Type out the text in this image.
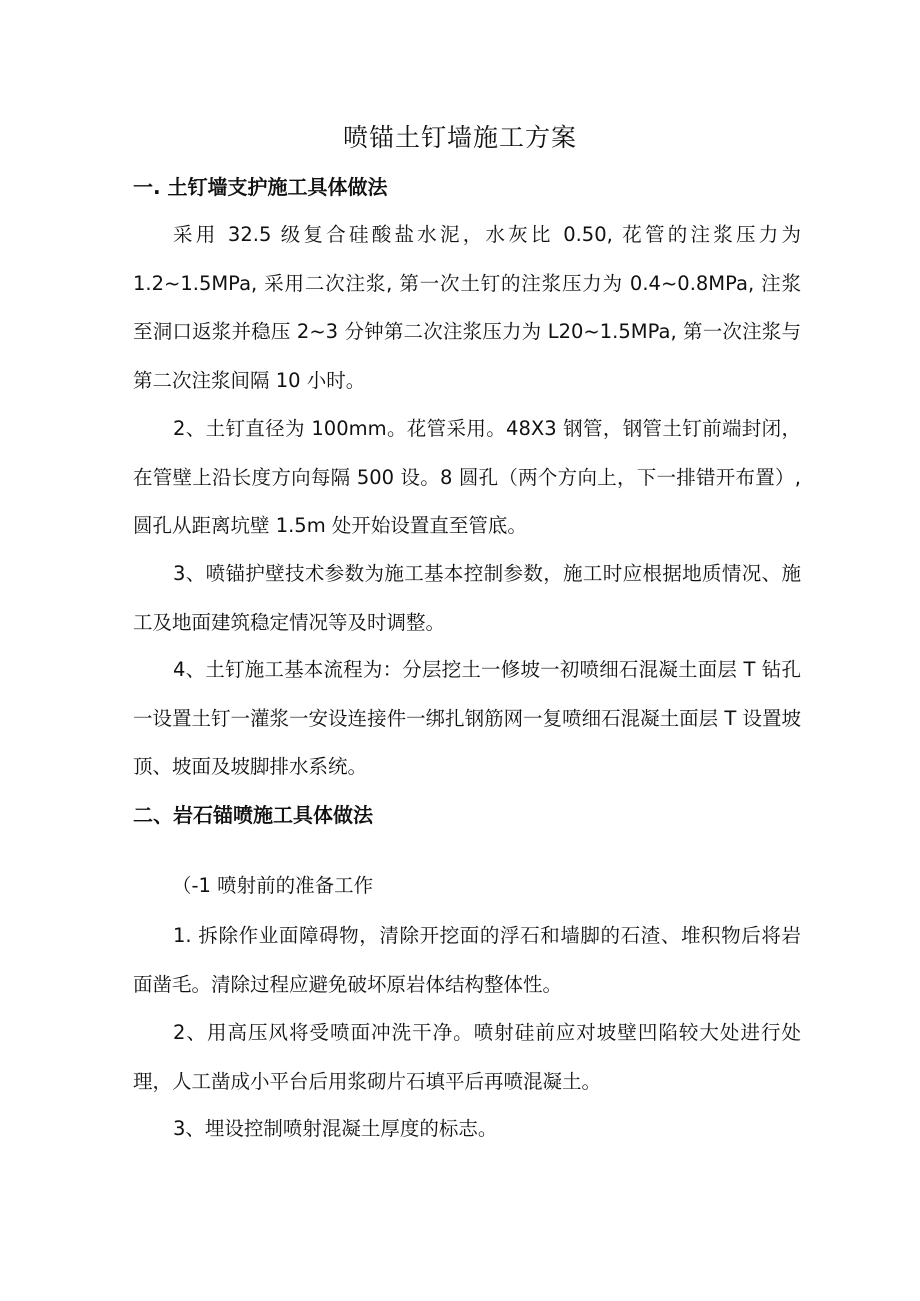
喷锚土钉墙施工方案
一. 土钉墙支护施工具体做法

采用 32.5 级复合硅酸盐水泥，水灰比 0.50, 花管的注浆压力为 1.2~1.5MPa, 采用二次注浆, 第一次土钉的注浆压力为 0.4~0.8MPa, 注浆至洞口返浆并稳压 2~3 分钟第二次注浆压力为 L20~1.5MPa, 第一次注浆与第二次注浆间隔 10 小时。

2、土钉直径为 100mm。花管采用。48X3 钢管，钢管土钉前端封闭，在管壁上沿长度方向每隔 500 设。8 圆孔（两个方向上，下一排错开布置）, 圆孔从距离坑壁 1.5m 处开始设置直至管底。

3、喷锚护壁技术参数为施工基本控制参数，施工时应根据地质情况、施工及地面建筑稳定情况等及时调整。

4、土钉施工基本流程为：分层挖土一修坡一初喷细石混凝土面层 T 钻孔一设置土钉一灌浆一安设连接件一绑扎钢筋网一复喷细石混凝土面层 T 设置坡顶、坡面及坡脚排水系统。

二、岩石锚喷施工具体做法
（-1 喷射前的准备工作

1. 拆除作业面障碍物，清除开挖面的浮石和墙脚的石渣、堆积物后将岩面凿毛。清除过程应避免破坏原岩体结构整体性。

2、用高压风将受喷面冲洗干净。喷射硅前应对坡壁凹陷较大处进行处理，人工凿成小平台后用浆砌片石填平后再喷混凝土。

3、埋设控制喷射混凝土厚度的标志。
